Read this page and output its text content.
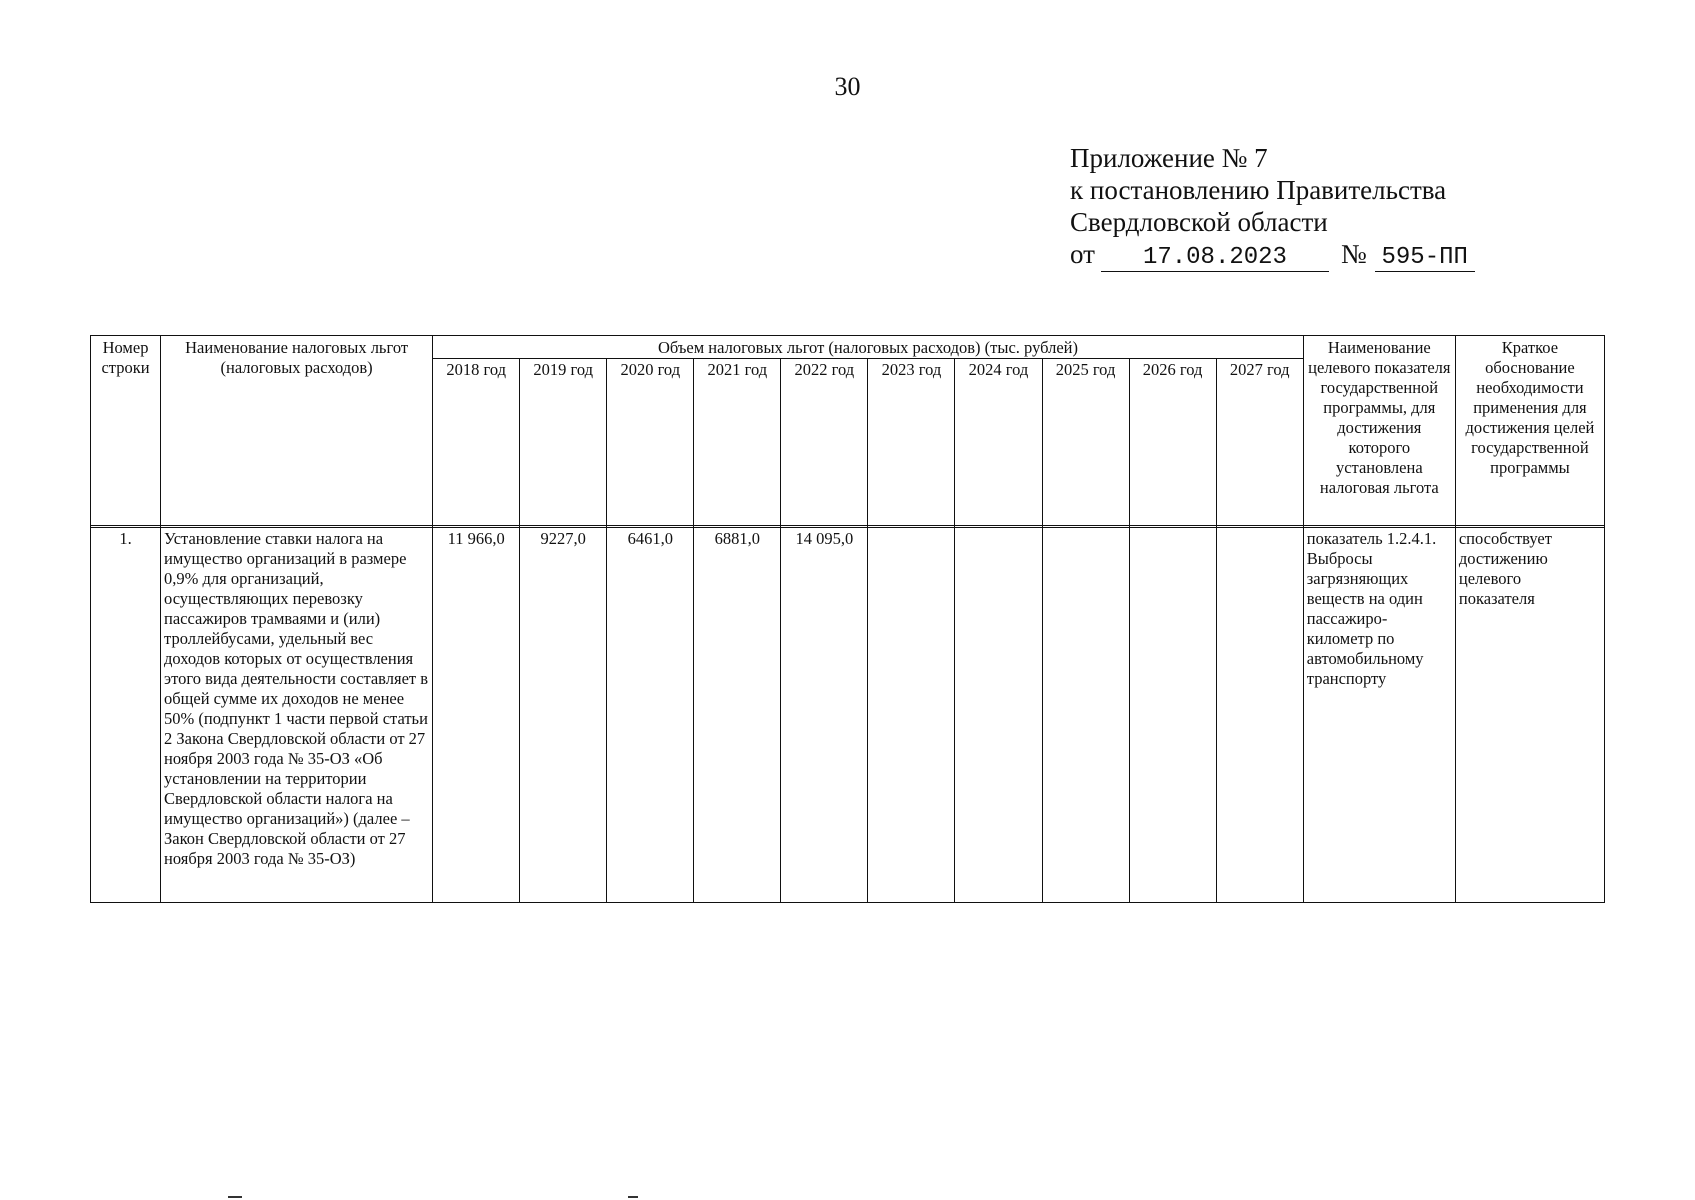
30
Приложение № 7
к постановлению Правительства
Свердловской области
от 17.08.2023 № 595-ПП
Номер строки	Наименование налоговых льгот (налоговых расходов)	Объем налоговых льгот (налоговых расходов) (тыс. рублей)										Наименование целевого показателя государственной программы, для достижения которого установлена налоговая льгота	Краткое обоснование необходимости применения для достижения целей государственной программы
		2018 год	2019 год	2020 год	2021 год	2022 год	2023 год	2024 год	2025 год	2026 год	2027 год		

1.	Установление ставки налога на имущество организаций в размере 0,9% для организаций, осуществляющих перевозку пассажиров трамваями и (или) троллейбусами, удельный вес доходов которых от осуществления этого вида деятельности составляет в общей сумме их доходов не менее 50% (подпункт 1 части первой статьи 2 Закона Свердловской области от 27 ноября 2003 года № 35-ОЗ «Об установлении на территории Свердловской области налога на имущество организаций») (далее – Закон Свердловской области от 27 ноября 2003 года № 35-ОЗ)	11 966,0	9227,0	6461,0	6881,0	14 095,0						показатель 1.2.4.1. Выбросы загрязняющих веществ на один пассажиро-километр по автомобильному транспорту	способствует достижению целевого показателя
